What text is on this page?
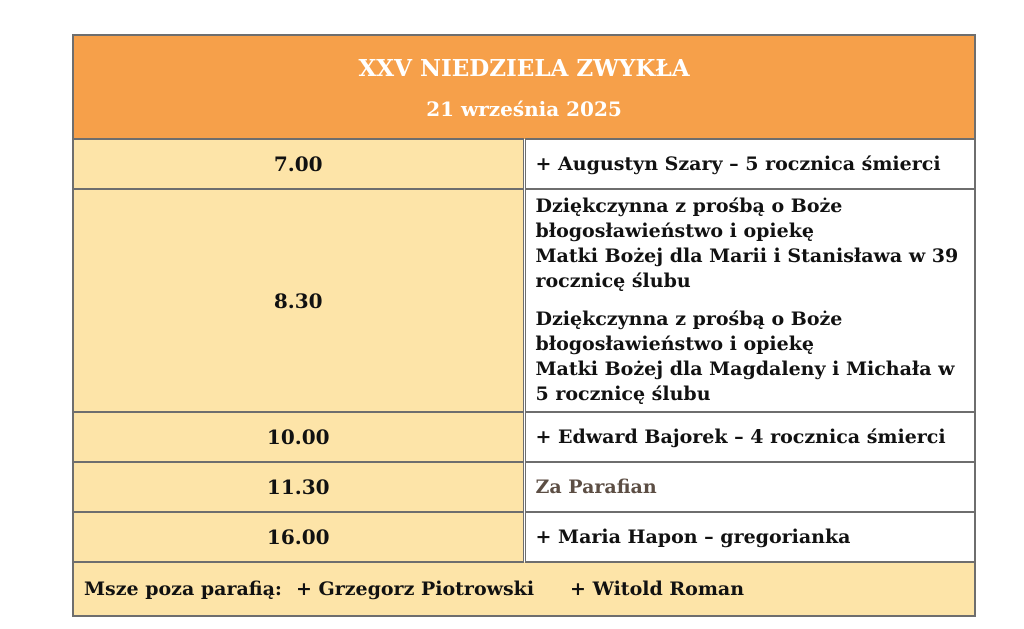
XXV NIEDZIELA ZWYKŁA
21 września 2025	

7.00	+ Augustyn Szary – 5 rocznica śmierci
8.30	Dziękczynna z prośbą o Boże błogosławieństwo i opiekę
Matki Bożej dla Marii i Stanisława w 39 rocznicę ślubu
Dziękczynna z prośbą o Boże błogosławieństwo i opiekę
Matki Bożej dla Magdaleny i Michała w 5 rocznicę ślubu

10.00	+ Edward Bajorek – 4 rocznica śmierci
11.30	Za Parafian
16.00	+ Maria Hapon – gregorianka
Msze poza parafią: + Grzegorz Piotrowski + Witold Roman	
